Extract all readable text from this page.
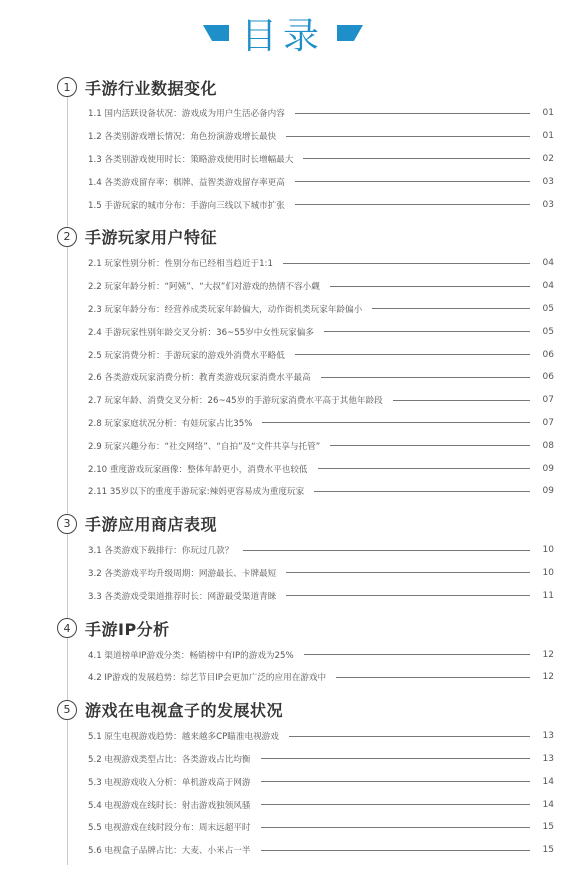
目录
1 手游行业数据变化
1.1 国内活跃设备状况：游戏成为用户生活必备内容	01
1.2 各类别游戏增长情况：角色扮演游戏增长最快	01
1.3 各类别游戏使用时长：策略游戏使用时长增幅最大	02
1.4 各类游戏留存率：棋牌、益智类游戏留存率更高	03
1.5 手游玩家的城市分布：手游向三线以下城市扩张	03
2 手游玩家用户特征
2.1 玩家性别分析：性别分布已经相当趋近于1:1	04
2.2 玩家年龄分析：“阿姨”、“大叔”们对游戏的热情不容小觑	04
2.3 玩家年龄分布：经营养成类玩家年龄偏大，动作街机类玩家年龄偏小	05
2.4 手游玩家性别年龄交叉分析：36~55岁中女性玩家偏多	05
2.5 玩家消费分析：手游玩家的游戏外消费水平略低	06
2.6 各类游戏玩家消费分析：教育类游戏玩家消费水平最高	06
2.7 玩家年龄、消费交叉分析：26~45岁的手游玩家消费水平高于其他年龄段	07
2.8 玩家家庭状况分析：有娃玩家占比35%	07
2.9 玩家兴趣分布：“社交网络”、“自拍”及“文件共享与托管”	08
2.10 重度游戏玩家画像：整体年龄更小，消费水平也较低	09
2.11 35岁以下的重度手游玩家:辣妈更容易成为重度玩家	09
3 手游应用商店表现
3.1 各类游戏下载排行：你玩过几款？	10
3.2 各类游戏平均升级周期：网游最长、卡牌最短	10
3.3 各类游戏受渠道推荐时长：网游最受渠道青睐	11
4 手游IP分析
4.1 渠道榜单IP游戏分类：畅销榜中有IP的游戏为25%	12
4.2 IP游戏的发展趋势：综艺节目IP会更加广泛的应用在游戏中	12
5 游戏在电视盒子的发展状况
5.1 原生电视游戏趋势：越来越多CP瞄准电视游戏	13
5.2 电视游戏类型占比：各类游戏占比均衡	13
5.3 电视游戏收入分析：单机游戏高于网游	14
5.4 电视游戏在线时长：射击游戏独领风骚	14
5.5 电视游戏在线时段分布：周末远超平时	15
5.6 电视盒子品牌占比：大麦、小米占一半	15
